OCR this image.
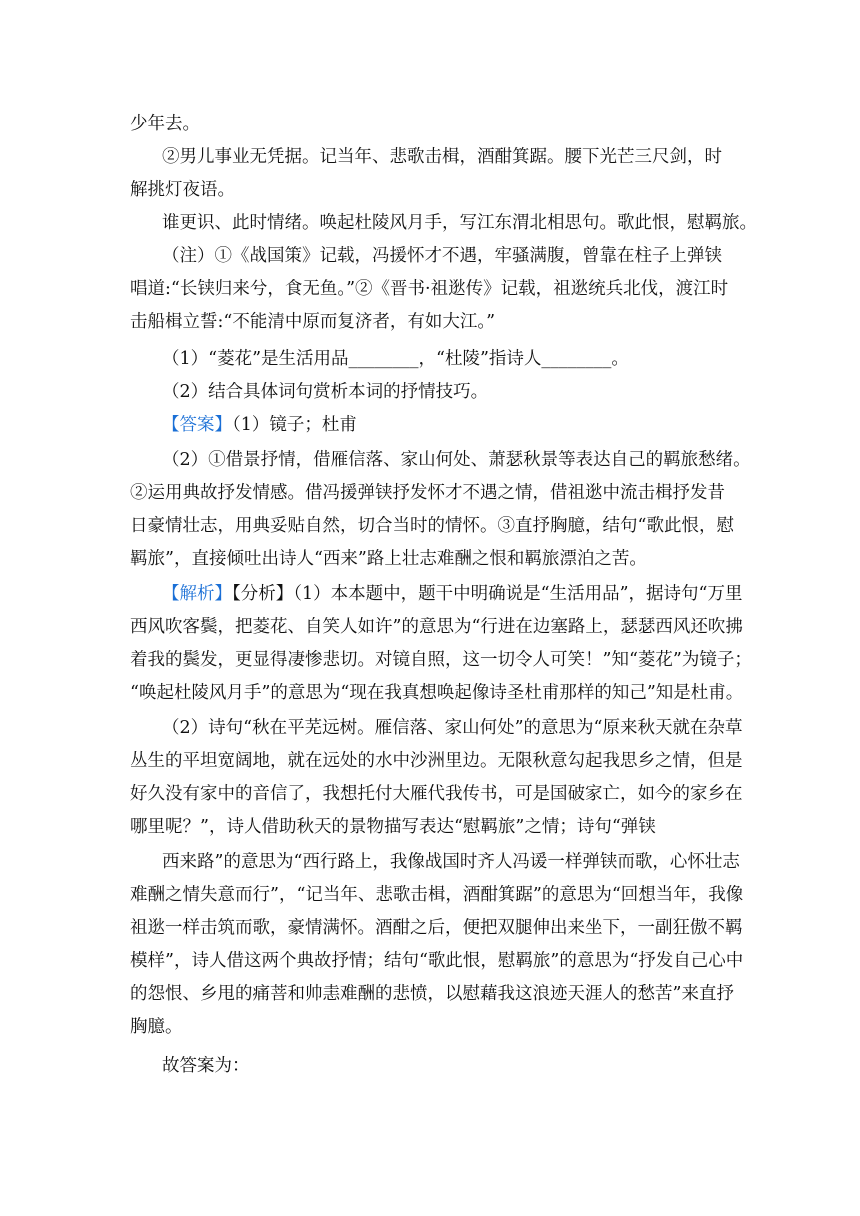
少年去。
②男儿事业无凭据。记当年、悲歌击楫，酒酣箕踞。腰下光芒三尺剑，时
解挑灯夜语。
谁更识、此时情绪。唤起杜陵风月手，写江东渭北相思句。歌此恨，慰羁旅。
（注）①《战国策》记载，冯援怀才不遇，牢骚满腹，曾靠在柱子上弹铗
唱道:“长铗归来兮，食无鱼。”②《晋书·祖逖传》记载，祖逖统兵北伐，渡江时
击船楫立誓:“不能清中原而复济者，有如大江。”
（1）“菱花”是生活用品________，“杜陵”指诗人________。
（2）结合具体词句赏析本词的抒情技巧。
【答案】（1）镜子；杜甫
（2）①借景抒情，借雁信落、家山何处、萧瑟秋景等表达自己的羁旅愁绪。
②运用典故抒发情感。借冯援弹铗抒发怀才不遇之情，借祖逖中流击楫抒发昔
日豪情壮志，用典妥贴自然，切合当时的情怀。③直抒胸臆，结句“歌此恨，慰
羁旅”，直接倾吐出诗人“西来”路上壮志难酬之恨和羁旅漂泊之苦。
【解析】【分析】（1）本本题中，题干中明确说是“生活用品”，据诗句“万里
西风吹客鬓，把菱花、自笑人如许”的意思为“行进在边塞路上，瑟瑟西风还吹拂
着我的鬓发，更显得凄惨悲切。对镜自照，这一切令人可笑！”知“菱花”为镜子；
“唤起杜陵风月手”的意思为“现在我真想唤起像诗圣杜甫那样的知己”知是杜甫。
（2）诗句“秋在平芜远树。雁信落、家山何处”的意思为“原来秋天就在杂草
丛生的平坦宽阔地，就在远处的水中沙洲里边。无限秋意勾起我思乡之情，但是
好久没有家中的音信了，我想托付大雁代我传书，可是国破家亡，如今的家乡在
哪里呢？”，诗人借助秋天的景物描写表达“慰羁旅”之情；诗句“弹铗
西来路”的意思为“西行路上，我像战国时齐人冯谖一样弹铗而歌，心怀壮志
难酬之情失意而行”，“记当年、悲歌击楫，酒酣箕踞”的意思为“回想当年，我像
祖逖一样击筑而歌，豪情满怀。酒酣之后，便把双腿伸出来坐下，一副狂傲不羁
模样”，诗人借这两个典故抒情；结句“歌此恨，慰羁旅”的意思为“抒发自己心中
的怨恨、乡甩的痛菩和帅恚难酬的悲愤，以慰藉我这浪迹天涯人的愁苦”来直抒
胸臆。
故答案为：
